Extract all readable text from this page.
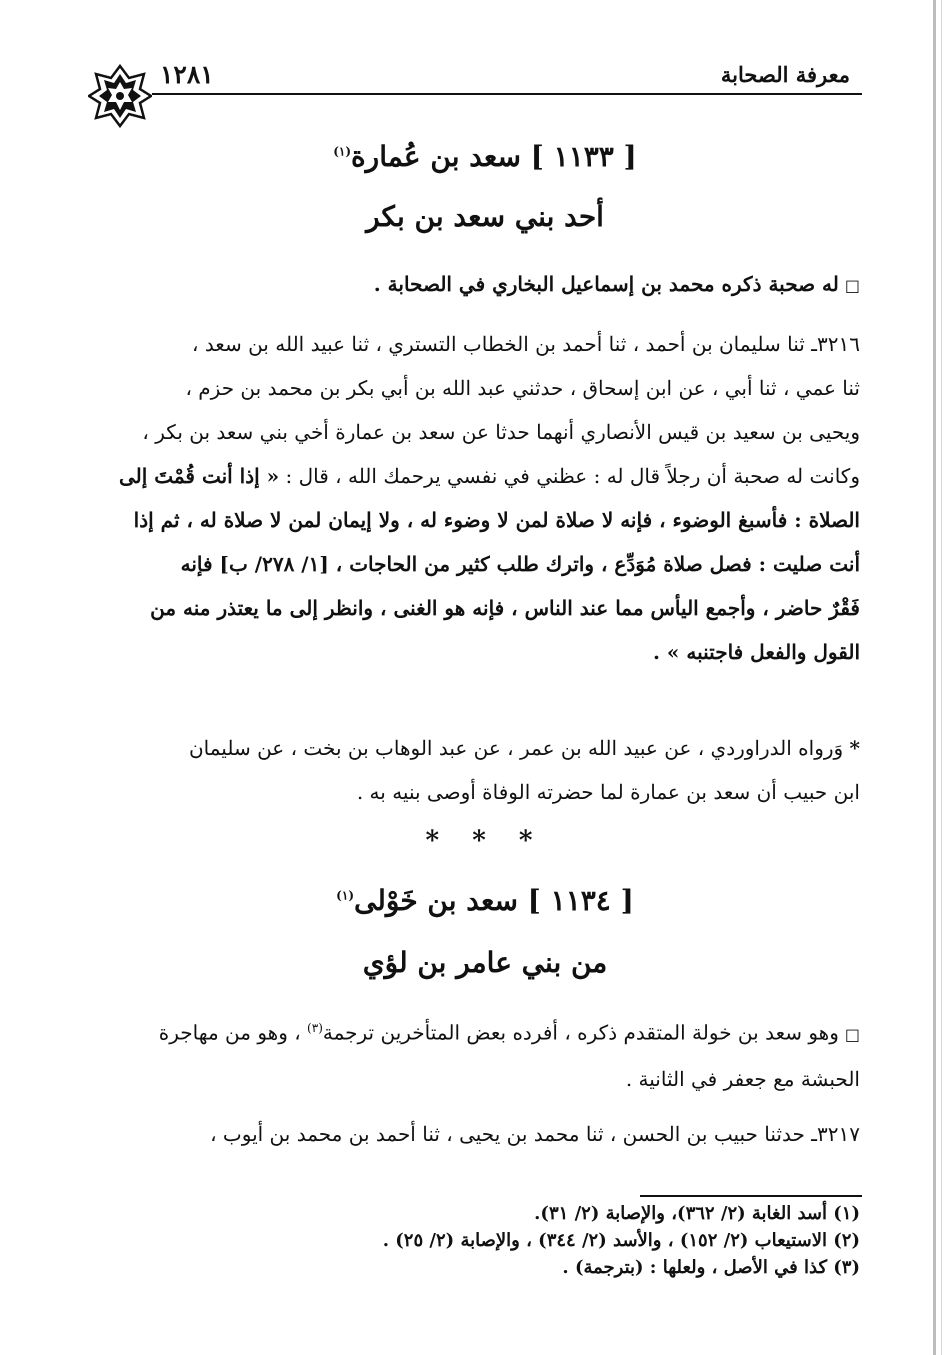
معرفة الصحابة
١٢٨١
[ ١١٣٣ ] سعد بن عُمارة$^{(١)}$
أحد بني سعد بن بكر
□له صحبة ذكره محمد بن إسماعيل البخاري في الصحابة .
٣٢١٦ـ ثنا سليمان بن أحمد ، ثنا أحمد بن الخطاب التستري ، ثنا عبيد الله بن سعد ،
ثنا عمي ، ثنا أبي ، عن ابن إسحاق ، حدثني عبد الله بن أبي بكر بن محمد بن حزم ،
ويحيى بن سعيد بن قيس الأنصاري أنهما حدثا عن سعد بن عمارة أخي بني سعد بن بكر ،
وكانت له صحبة أن رجلاً قال له : عظني في نفسي يرحمك الله ، قال : « إذا أنت قُمْتَ إلى
الصلاة : فأسبغ الوضوء ، فإنه لا صلاة لمن لا وضوء له ، ولا إيمان لمن لا صلاة له ، ثم إذا
أنت صليت : فصل صلاة مُوَدِّع ، واترك طلب كثير من الحاجات ، [١/ ٢٧٨/ ب] فإنه
فَقْرٌ حاضر ، وأجمع اليأس مما عند الناس ، فإنه هو الغنى ، وانظر إلى ما يعتذر منه من
القول والفعل فاجتنبه » .
* وَرواه الدراوردي ، عن عبيد الله بن عمر ، عن عبد الوهاب بن بخت ، عن سليمان
ابن حبيب أن سعد بن عمارة لما حضرته الوفاة أوصى بنيه به .
* * *
[ ١١٣٤ ] سعد بن خَوْلى$^{(١)}$
من بني عامر بن لؤي
□وهو سعد بن خولة المتقدم ذكره ، أفرده بعض المتأخرين ترجمة$^{(٣)}$ ، وهو من مهاجرة
الحبشة مع جعفر في الثانية .
٣٢١٧ـ حدثنا حبيب بن الحسن ، ثنا محمد بن يحيى ، ثنا أحمد بن محمد بن أيوب ،
(١) أسد الغابة (٢/ ٣٦٢)، والإصابة (٢/ ٣١).
(٢) الاستيعاب (٢/ ١٥٢) ، والأسد (٢/ ٣٤٤) ، والإصابة (٢/ ٢٥) .
(٣) كذا في الأصل ، ولعلها : (بترجمة) .
